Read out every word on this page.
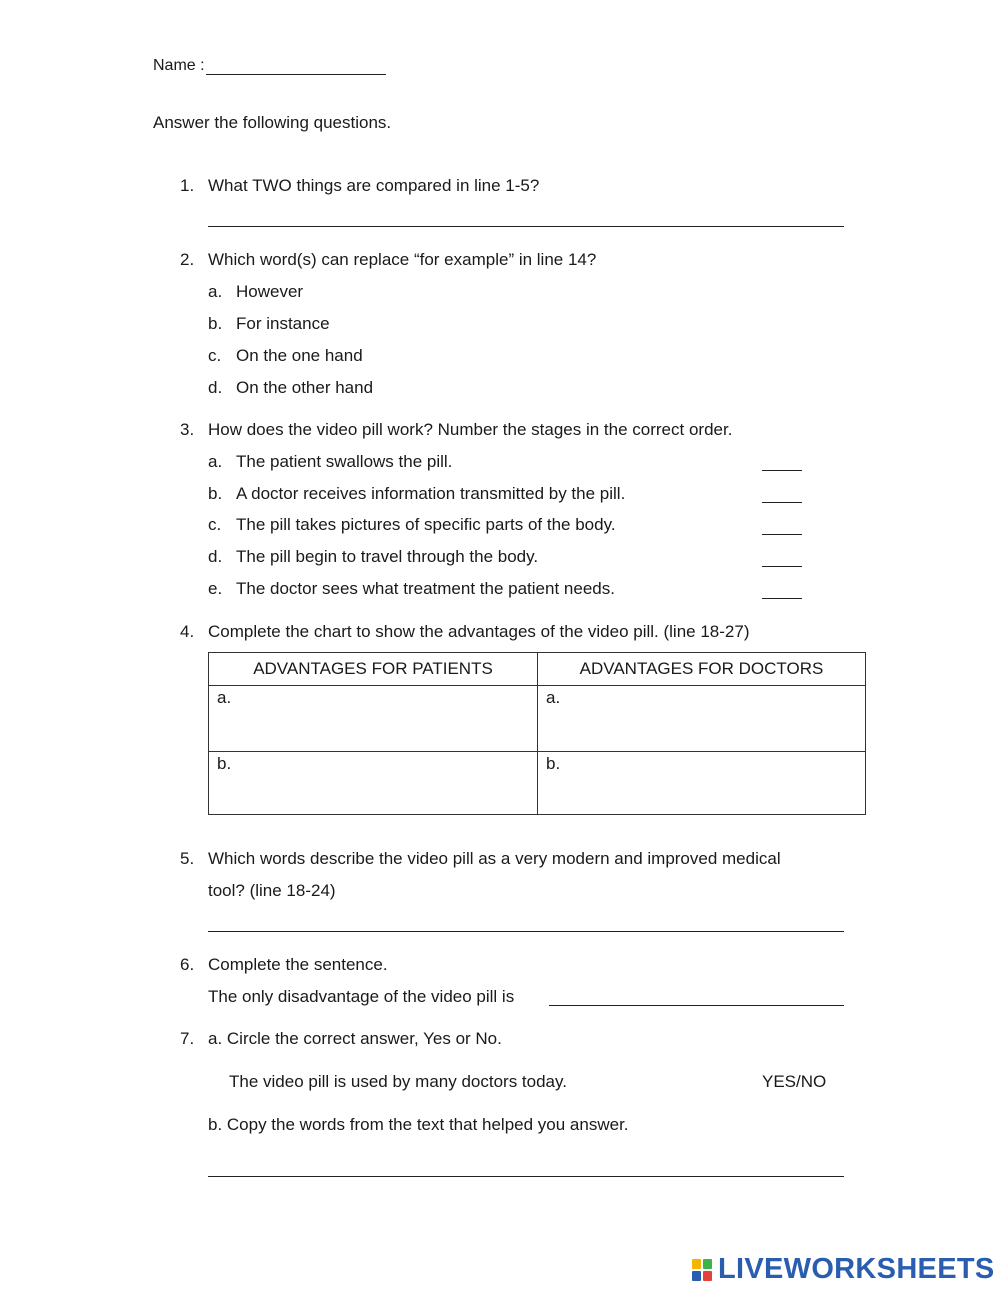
Name :
Answer the following questions.
1. What TWO things are compared in line 1-5?
2. Which word(s) can replace “for example” in line 14?
a. However
b. For instance
c. On the one hand
d. On the other hand
3. How does the video pill work? Number the stages in the correct order.
a. The patient swallows the pill.
b. A doctor receives information transmitted by the pill.
c. The pill takes pictures of specific parts of the body.
d. The pill begin to travel through the body.
e. The doctor sees what treatment the patient needs.
4. Complete the chart to show the advantages of the video pill. (line 18-27)
ADVANTAGES FOR PATIENTS	ADVANTAGES FOR DOCTORS

a.	a.

b.	b.
5. Which words describe the video pill as a very modern and improved medical
tool? (line 18-24)
6. Complete the sentence.
The only disadvantage of the video pill is
7. a. Circle the correct answer, Yes or No.
The video pill is used by many doctors today.	YES/NO
b. Copy the words from the text that helped you answer.
LIVEWORKSHEETS
